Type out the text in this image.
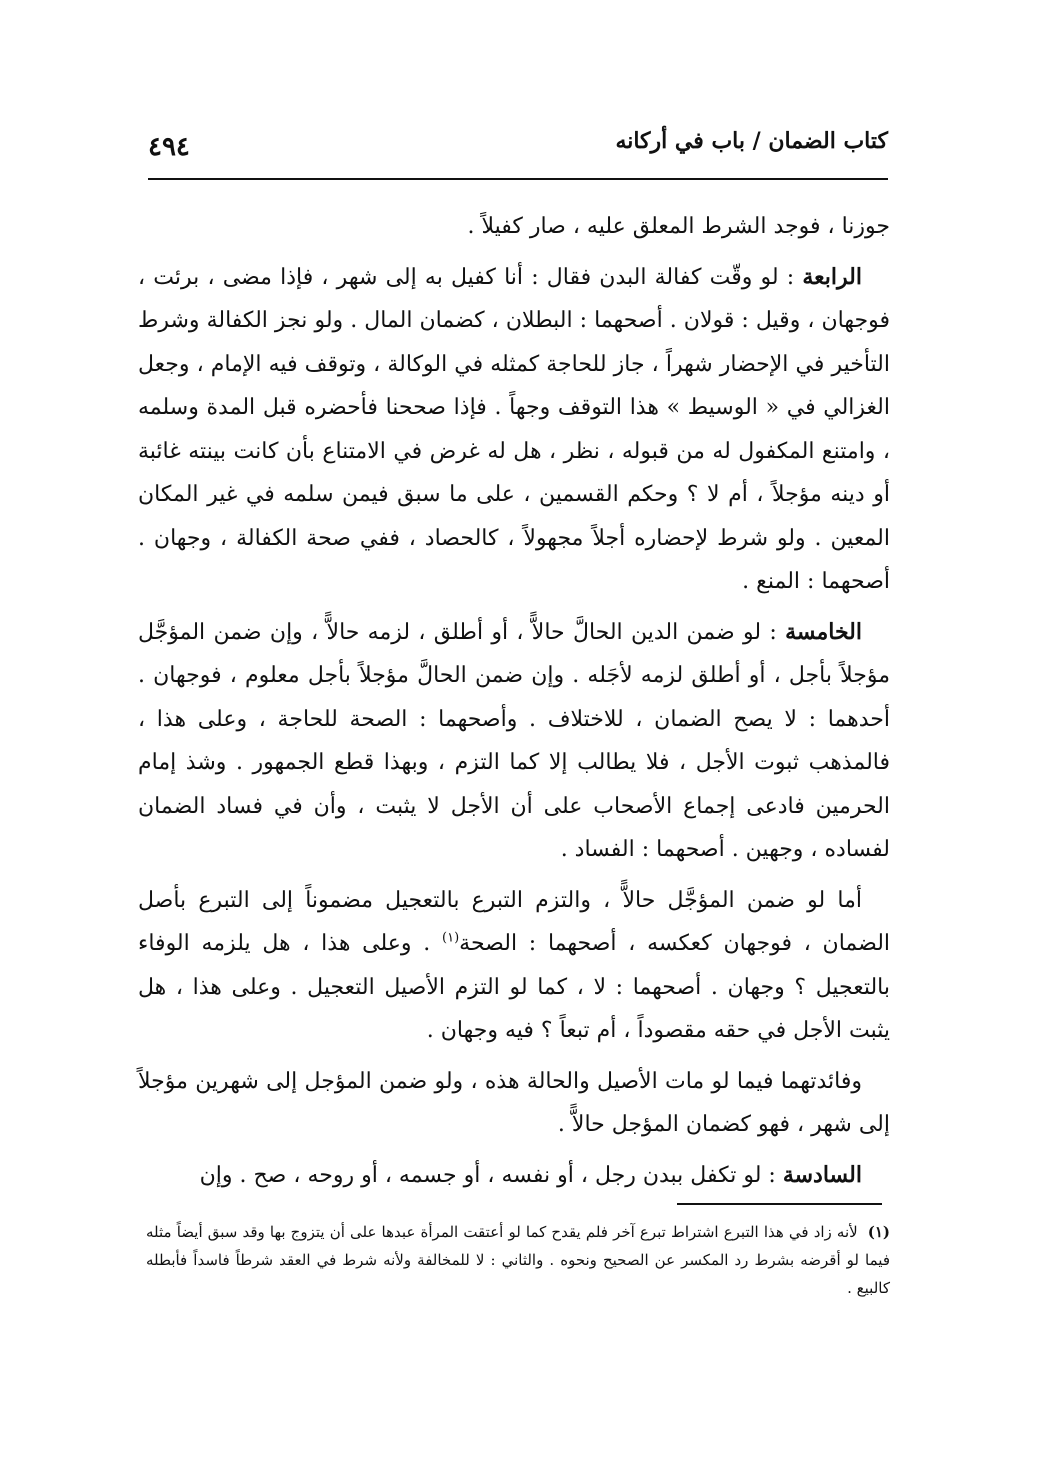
كتاب الضمان / باب في أركانه
٤٩٤

جوزنا ، فوجد الشرط المعلق عليه ، صار كفيلاً .

الرابعة : لو وقّت كفالة البدن فقال : أنا كفيل به إلى شهر ، فإذا مضى ، برئت ، فوجهان ، وقيل : قولان . أصحهما : البطلان ، كضمان المال . ولو نجز الكفالة وشرط التأخير في الإحضار شهراً ، جاز للحاجة كمثله في الوكالة ، وتوقف فيه الإمام ، وجعل الغزالي في « الوسيط » هذا التوقف وجهاً . فإذا صححنا فأحضره قبل المدة وسلمه ، وامتنع المكفول له من قبوله ، نظر ، هل له غرض في الامتناع بأن كانت بينته غائبة أو دينه مؤجلاً ، أم لا ؟ وحكم القسمين ، على ما سبق فيمن سلمه في غير المكان المعين . ولو شرط لإحضاره أجلاً مجهولاً ، كالحصاد ، ففي صحة الكفالة ، وجهان . أصحهما : المنع .

الخامسة : لو ضمن الدين الحالَّ حالاًّ ، أو أطلق ، لزمه حالاًّ ، وإن ضمن المؤجَّل مؤجلاً بأجل ، أو أطلق لزمه لأجَله . وإن ضمن الحالَّ مؤجلاً بأجل معلوم ، فوجهان . أحدهما : لا يصح الضمان ، للاختلاف . وأصحهما : الصحة للحاجة ، وعلى هذا ، فالمذهب ثبوت الأجل ، فلا يطالب إلا كما التزم ، وبهذا قطع الجمهور . وشذ إمام الحرمين فادعى إجماع الأصحاب على أن الأجل لا يثبت ، وأن في فساد الضمان لفساده ، وجهين . أصحهما : الفساد .

أما لو ضمن المؤجَّل حالاًّ ، والتزم التبرع بالتعجيل مضموناً إلى التبرع بأصل الضمان ، فوجهان كعكسه ، أصحهما : الصحة$^{(١)}$ . وعلى هذا ، هل يلزمه الوفاء بالتعجيل ؟ وجهان . أصحهما : لا ، كما لو التزم الأصيل التعجيل . وعلى هذا ، هل يثبت الأجل في حقه مقصوداً ، أم تبعاً ؟ فيه وجهان .

وفائدتهما فيما لو مات الأصيل والحالة هذه ، ولو ضمن المؤجل إلى شهرين مؤجلاً إلى شهر ، فهو كضمان المؤجل حالاًّ .

السادسة : لو تكفل ببدن رجل ، أو نفسه ، أو جسمه ، أو روحه ، صح . وإن

(١)لأنه زاد في هذا التبرع اشتراط تبرع آخر فلم يقدح كما لو أعتقت المرأة عبدها على أن يتزوج بها وقد سبق أيضاً مثله فيما لو أقرضه بشرط رد المكسر عن الصحيح ونحوه . والثاني : لا للمخالفة ولأنه شرط في العقد شرطاً فاسداً فأبطله كالبيع .
